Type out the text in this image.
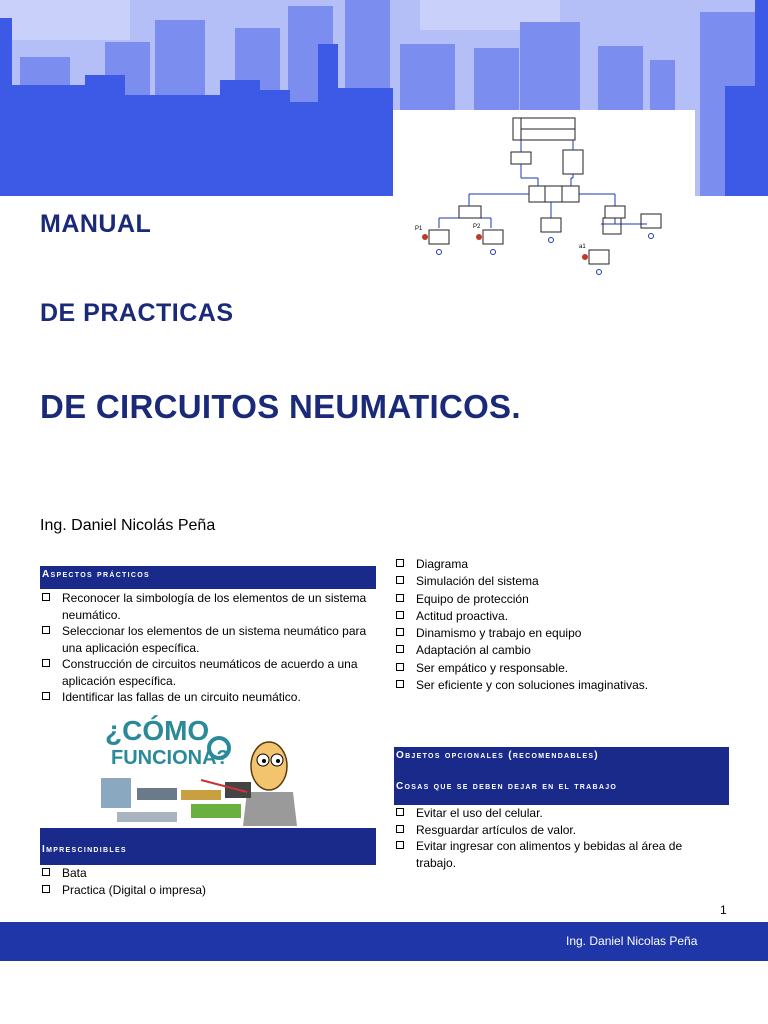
P1	P2
a1
MANUAL
DE PRACTICAS
DE CIRCUITOS NEUMATICOS.
Ing. Daniel Nicolás Peña
Aspectos prácticos
Reconocer la simbología de los elementos de un sistema neumático.
Seleccionar los elementos de un sistema neumático para una aplicación específica.
Construcción de circuitos neumáticos de acuerdo a una aplicación específica.
Identificar las fallas de un circuito neumático.
¿CÓMO
FUNCIONA?
Imprescindibles
Bata
Practica (Digital o impresa)
Diagrama
Simulación del sistema
Equipo de protección
Actitud proactiva.
Dinamismo y trabajo en equipo
Adaptación al cambio
Ser empático y responsable.
Ser eficiente y con soluciones imaginativas.
Objetos opcionales (recomendables)
Cosas que se deben dejar en el trabajo
Evitar el uso del celular.
Resguardar artículos de valor.
Evitar ingresar con alimentos y bebidas al área de trabajo.
1
Ing. Daniel Nicolas Peña
